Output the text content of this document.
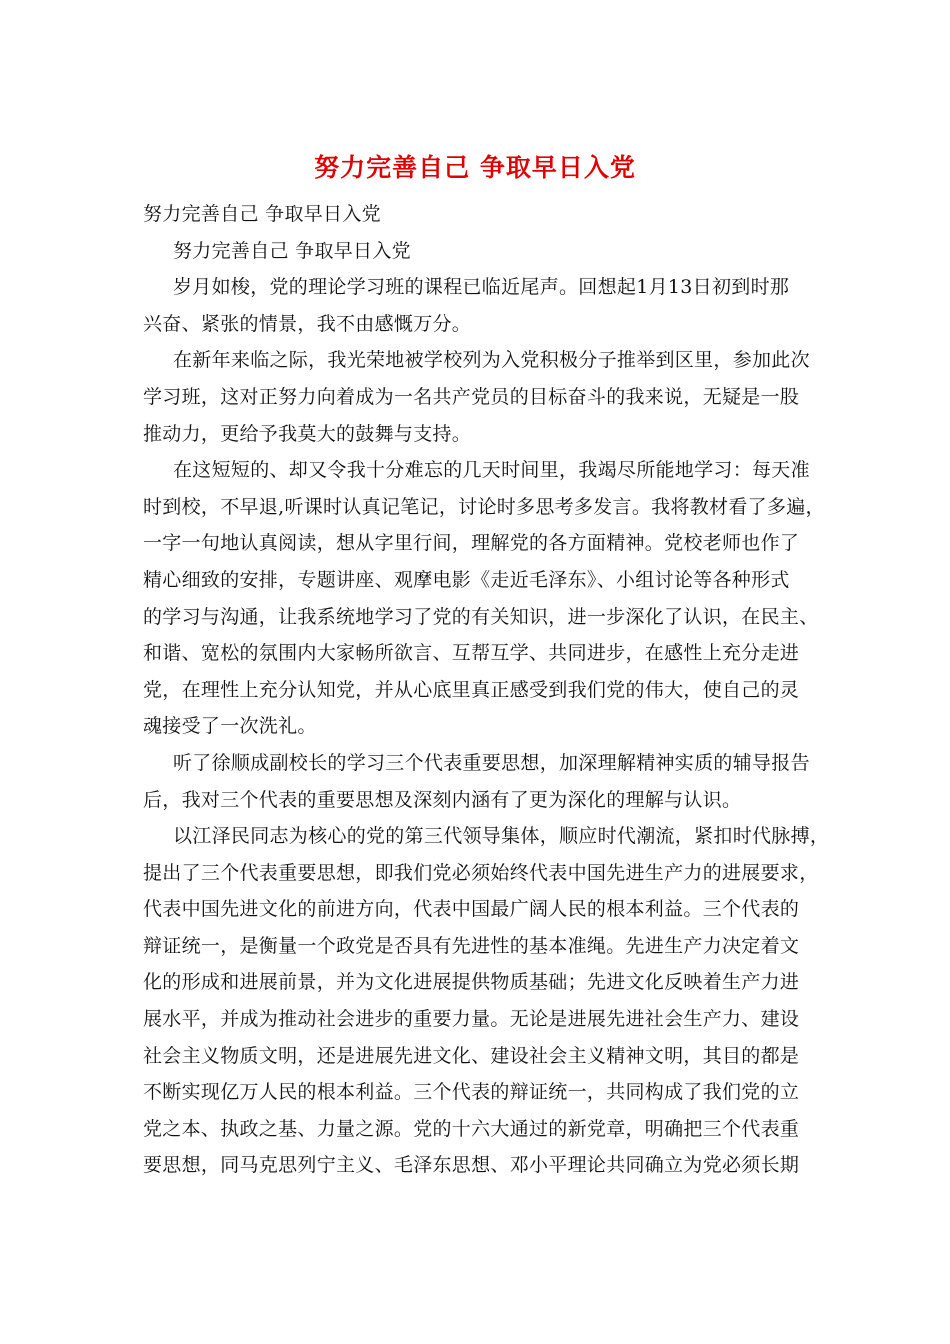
努力完善自己 争取早日入党
努力完善自己 争取早日入党
努力完善自己 争取早日入党
岁月如梭，党的理论学习班的课程已临近尾声。回想起1月13日初到时那
兴奋、紧张的情景，我不由感慨万分。
在新年来临之际，我光荣地被学校列为入党积极分子推举到区里，参加此次
学习班，这对正努力向着成为一名共产党员的目标奋斗的我来说，无疑是一股
推动力，更给予我莫大的鼓舞与支持。
在这短短的、却又令我十分难忘的几天时间里，我竭尽所能地学习：每天准
时到校，不早退,听课时认真记笔记，讨论时多思考多发言。我将教材看了多遍，
一字一句地认真阅读，想从字里行间，理解党的各方面精神。党校老师也作了
精心细致的安排，专题讲座、观摩电影《走近毛泽东》、小组讨论等各种形式
的学习与沟通，让我系统地学习了党的有关知识，进一步深化了认识，在民主、
和谐、宽松的氛围内大家畅所欲言、互帮互学、共同进步，在感性上充分走进
党，在理性上充分认知党，并从心底里真正感受到我们党的伟大，使自己的灵
魂接受了一次洗礼。
听了徐顺成副校长的学习三个代表重要思想，加深理解精神实质的辅导报告
后，我对三个代表的重要思想及深刻内涵有了更为深化的理解与认识。
以江泽民同志为核心的党的第三代领导集体，顺应时代潮流，紧扣时代脉搏，
提出了三个代表重要思想，即我们党必须始终代表中国先进生产力的进展要求，
代表中国先进文化的前进方向，代表中国最广阔人民的根本利益。三个代表的
辩证统一，是衡量一个政党是否具有先进性的基本准绳。先进生产力决定着文
化的形成和进展前景，并为文化进展提供物质基础；先进文化反映着生产力进
展水平，并成为推动社会进步的重要力量。无论是进展先进社会生产力、建设
社会主义物质文明，还是进展先进文化、建设社会主义精神文明，其目的都是
不断实现亿万人民的根本利益。三个代表的辩证统一，共同构成了我们党的立
党之本、执政之基、力量之源。党的十六大通过的新党章，明确把三个代表重
要思想，同马克思列宁主义、毛泽东思想、邓小平理论共同确立为党必须长期
